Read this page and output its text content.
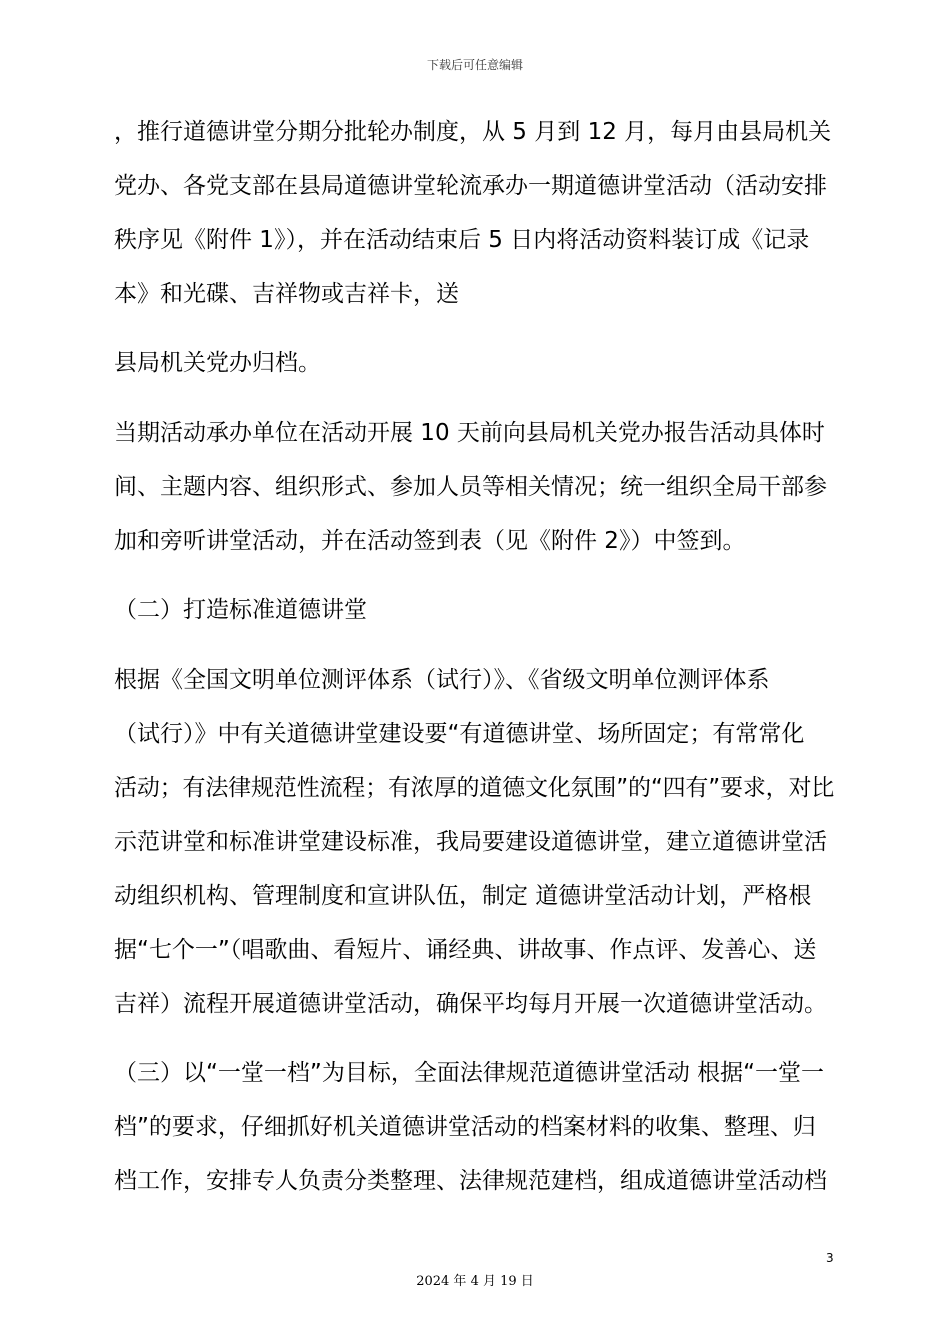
下载后可任意编辑

，推行道德讲堂分期分批轮办制度，从 5 月到 12 月，每月由县局机关

党办、各党支部在县局道德讲堂轮流承办一期道德讲堂活动（活动安排

秩序见《附件 1》），并在活动结束后 5 日内将活动资料装订成《记录

本》和光碟、吉祥物或吉祥卡，送

县局机关党办归档。

当期活动承办单位在活动开展 10 天前向县局机关党办报告活动具体时

间、主题内容、组织形式、参加人员等相关情况；统一组织全局干部参

加和旁听讲堂活动，并在活动签到表（见《附件 2》）中签到。

（二）打造标准道德讲堂

根据《全国文明单位测评体系（试行）》、《省级文明单位测评体系

（试行）》中有关道德讲堂建设要“有道德讲堂、场所固定；有常常化

活动；有法律规范性流程；有浓厚的道德文化氛围”的“四有”要求，对比

示范讲堂和标准讲堂建设标准，我局要建设道德讲堂，建立道德讲堂活

动组织机构、管理制度和宣讲队伍，制定 道德讲堂活动计划，严格根

据“七个一”（唱歌曲、看短片、诵经典、讲故事、作点评、发善心、送

吉祥）流程开展道德讲堂活动，确保平均每月开展一次道德讲堂活动。

（三）以“一堂一档”为目标，全面法律规范道德讲堂活动 根据“一堂一

档”的要求，仔细抓好机关道德讲堂活动的档案材料的收集、整理、归

档工作，安排专人负责分类整理、法律规范建档，组成道德讲堂活动档

3
2024 年 4 月 19 日
